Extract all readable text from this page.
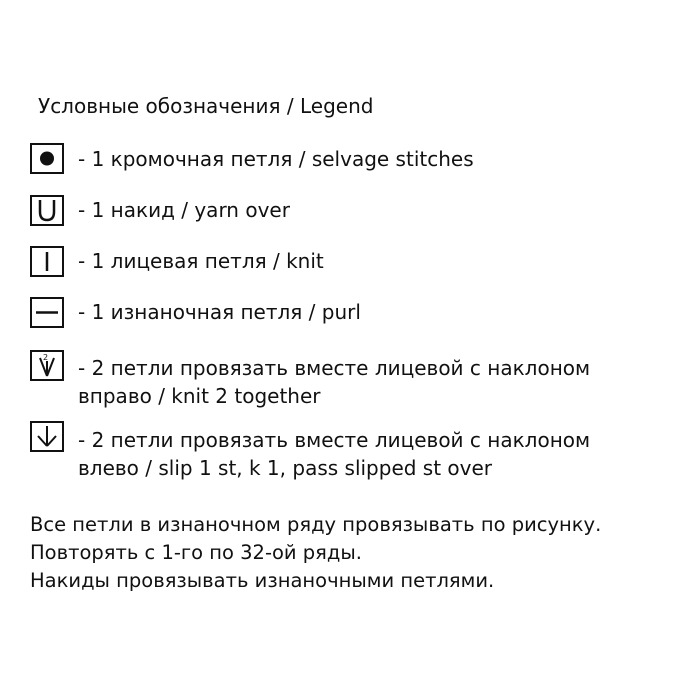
Условные обозначения / Legend
- 1 кромочная петля / selvage stitches
- 1 накид / yarn over
- 1 лицевая петля / knit
- 1 изнаночная петля / purl
2 - 2 петли провязать вместе лицевой с наклоном
вправо / knit 2 together
- 2 петли провязать вместе лицевой с наклоном
влево / slip 1 st, k 1, pass slipped st over
Все петли в изнаночном ряду провязывать по рисунку.
Повторять с 1-го по 32-ой ряды.
Накиды провязывать изнаночными петлями.
